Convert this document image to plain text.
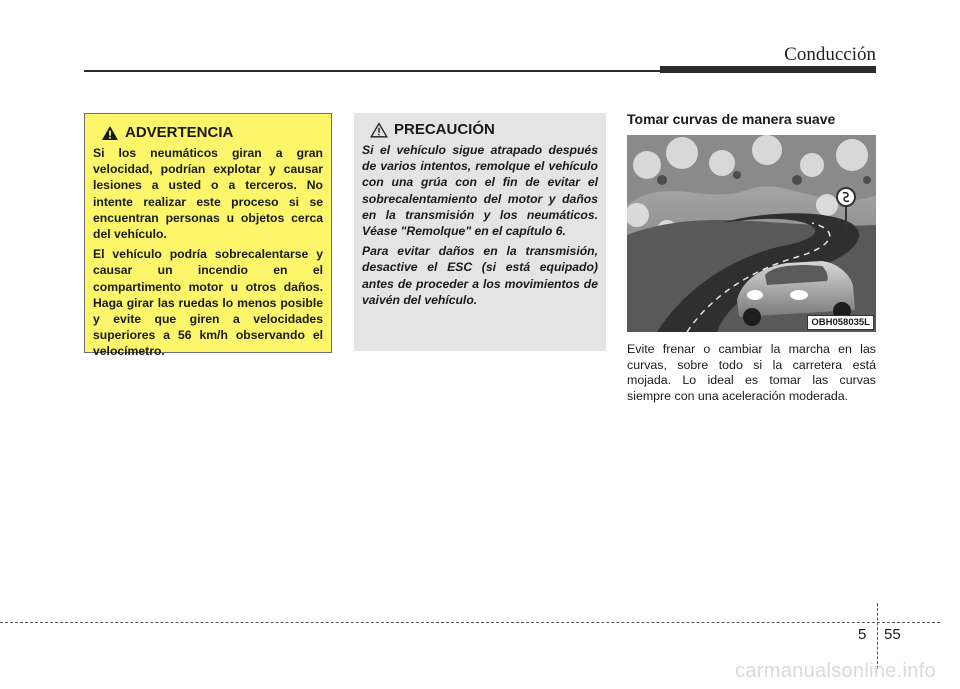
Conducción
ADVERTENCIA

Si los neumáticos giran a gran velocidad, podrían explotar y causar lesiones a usted o a terceros. No intente realizar este proceso si se encuentran personas u objetos cerca del vehículo.

El vehículo podría sobrecalentarse y causar un incendio en el compartimento motor u otros daños. Haga girar las ruedas lo menos posible y evite que giren a velocidades superiores a 56 km/h observando el velocímetro.

PRECAUCIÓN

Si el vehículo sigue atrapado después de varios intentos, remolque el vehículo con una grúa con el fin de evitar el sobrecalentamiento del motor y daños en la transmisión y los neumáticos. Véase "Remolque" en el capítulo 6.

Para evitar daños en la transmisión, desactive el ESC (si está equipado) antes de proceder a los movimientos de vaivén del vehículo.

Tomar curvas de manera suave
OBH058035L

Evite frenar o cambiar la marcha en las curvas, sobre todo si la carretera está mojada. Lo ideal es tomar las curvas siempre con una aceleración moderada.

5 55
carmanualsonline.info
